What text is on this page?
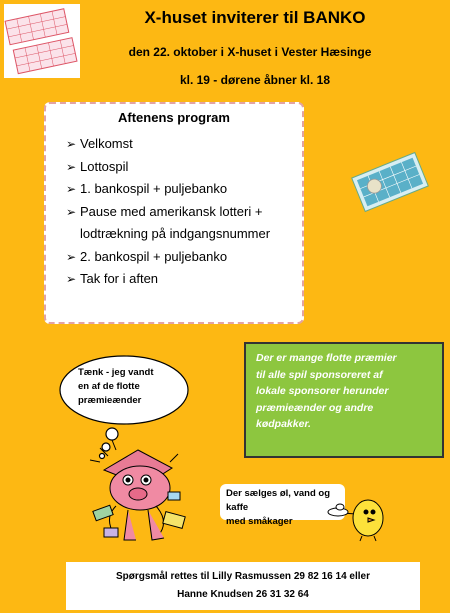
X-huset inviterer til BANKO
den 22. oktober i X-huset i Vester Hæsinge
kl. 19 - dørene åbner kl. 18
Aftenens program
➢ Velkomst
➢ Lottospil
➢ 1. bankospil + puljebanko
➢ Pause med amerikansk lotteri +
lodtrækning på indgangsnummer
➢ 2. bankospil + puljebanko
➢ Tak for i aften
Tænk - jeg vandt
en af de flotte
præmieænder
Der er mange flotte præmier
til alle spil sponsoreret af
lokale sponsorer herunder
præmieænder og andre
kødpakker.
Der sælges øl, vand og kaffe
med småkager
Spørgsmål rettes til Lilly Rasmussen 29 82 16 14 eller
Hanne Knudsen 26 31 32 64
